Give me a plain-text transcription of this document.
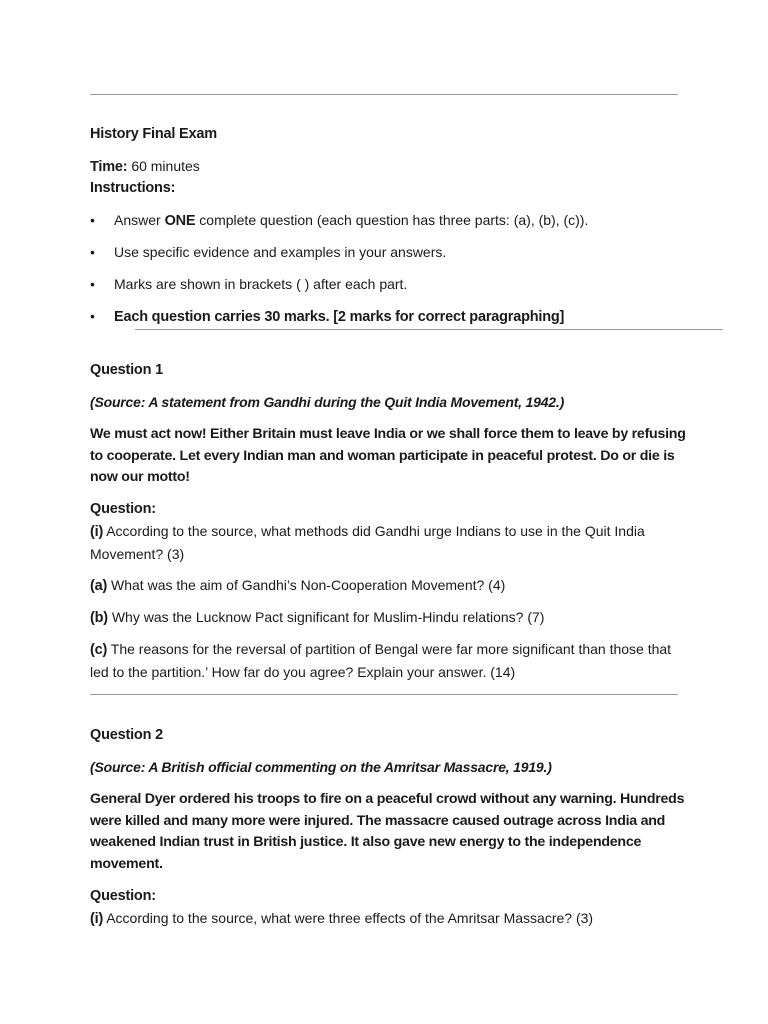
History Final Exam
Time: 60 minutes
Instructions:
Answer ONE complete question (each question has three parts: (a), (b), (c)).
Use specific evidence and examples in your answers.
Marks are shown in brackets ( ) after each part.
Each question carries 30 marks. [2 marks for correct paragraphing]
Question 1
(Source: A statement from Gandhi during the Quit India Movement, 1942.)
We must act now! Either Britain must leave India or we shall force them to leave by refusing
to cooperate. Let every Indian man and woman participate in peaceful protest. Do or die is
now our motto!
Question:
(i) According to the source, what methods did Gandhi urge Indians to use in the Quit India
Movement? (3)
(a) What was the aim of Gandhi’s Non-Cooperation Movement? (4)
(b) Why was the Lucknow Pact significant for Muslim-Hindu relations? (7)
(c) The reasons for the reversal of partition of Bengal were far more significant than those that
led to the partition.’ How far do you agree? Explain your answer. (14)
Question 2
(Source: A British official commenting on the Amritsar Massacre, 1919.)
General Dyer ordered his troops to fire on a peaceful crowd without any warning. Hundreds
were killed and many more were injured. The massacre caused outrage across India and
weakened Indian trust in British justice. It also gave new energy to the independence
movement.
Question:
(i) According to the source, what were three effects of the Amritsar Massacre? (3)
